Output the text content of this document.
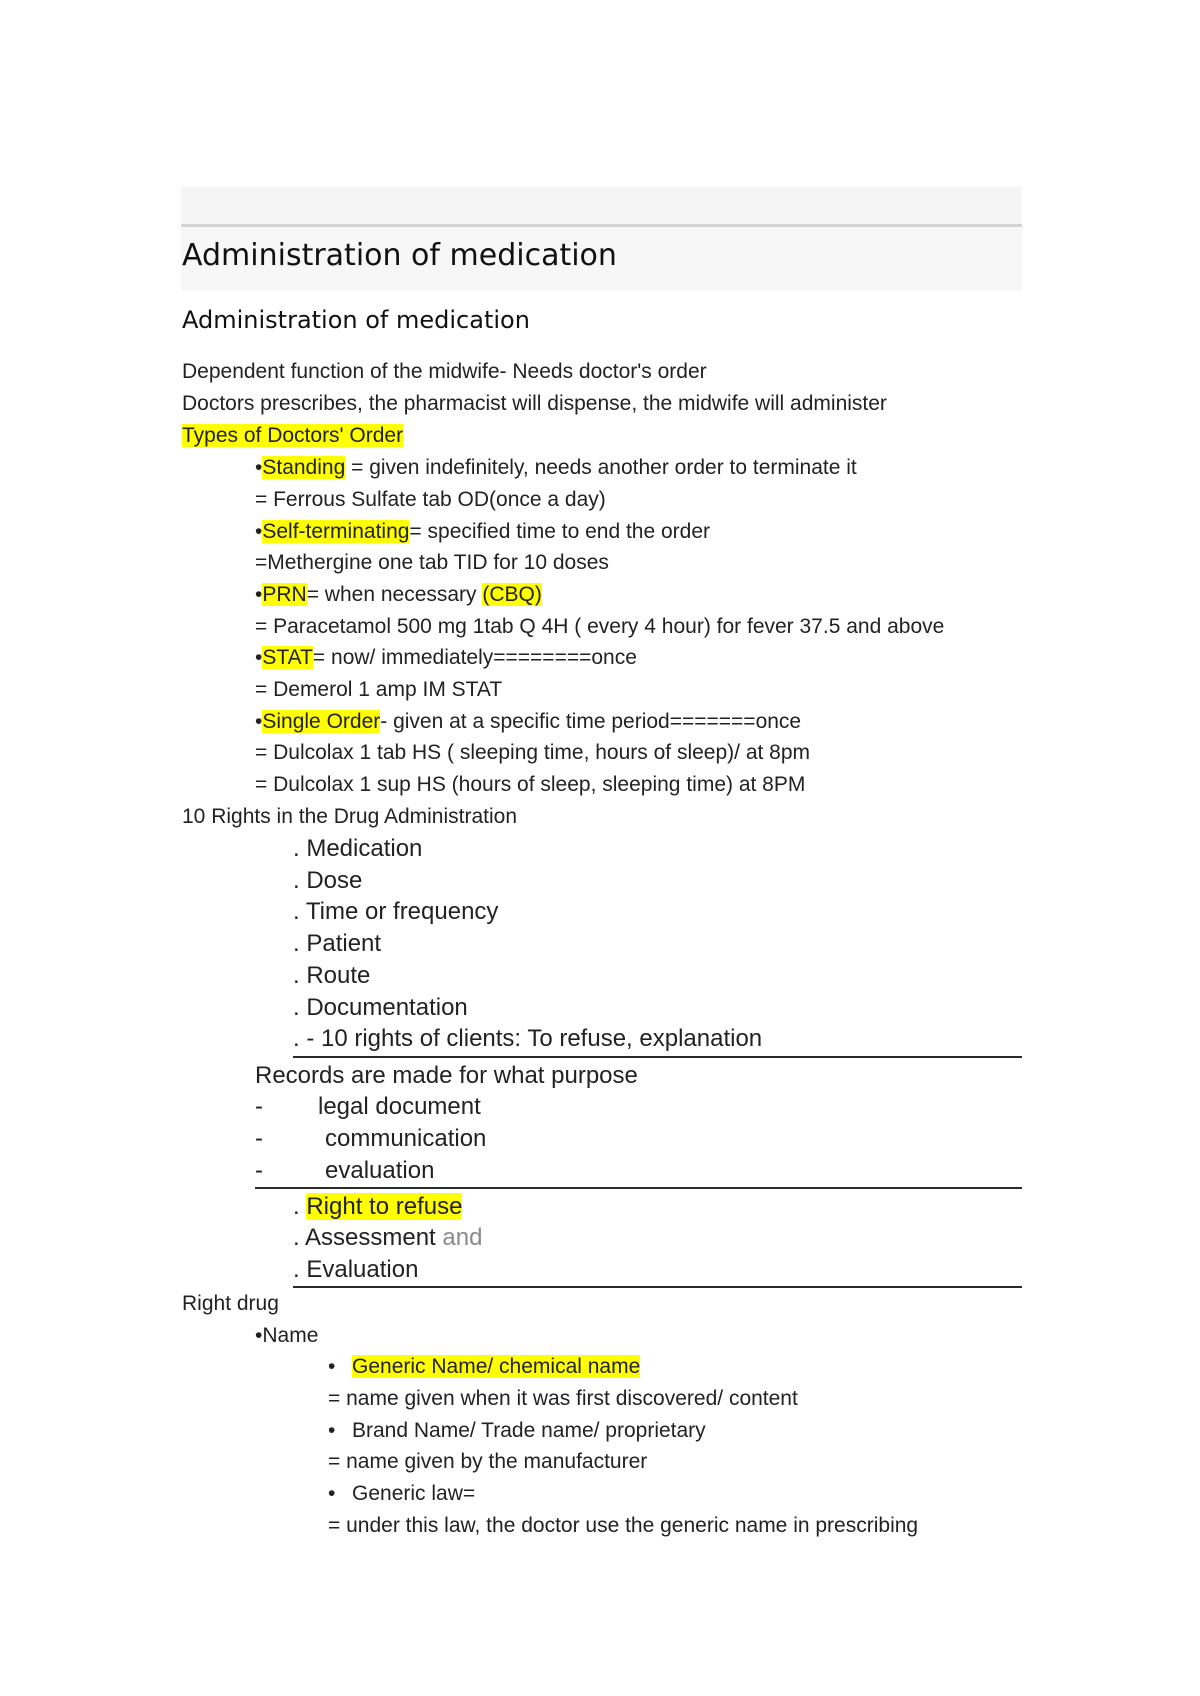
Administration of medication
Administration of medication
Dependent function of the midwife- Needs doctor's order
Doctors prescribes, the pharmacist will dispense, the midwife will administer
Types of Doctors' Order
•Standing = given indefinitely, needs another order to terminate it
= Ferrous Sulfate tab OD(once a day)
•Self-terminating= specified time to end the order
=Methergine one tab TID for 10 doses
•PRN= when necessary (CBQ)
= Paracetamol 500 mg 1tab Q 4H ( every 4 hour) for fever 37.5 and above
•STAT= now/ immediately========once
= Demerol 1 amp IM STAT
•Single Order- given at a specific time period=======once
= Dulcolax 1 tab HS ( sleeping time, hours of sleep)/ at 8pm
= Dulcolax 1 sup HS (hours of sleep, sleeping time) at 8PM
10 Rights in the Drug Administration
. Medication
. Dose
. Time or frequency
. Patient
. Route
. Documentation
. - 10 rights of clients: To refuse, explanation
Records are made for what purpose
- legal document
-	communication
-	evaluation
. Right to refuse
. Assessment and
. Evaluation
Right drug
•Name
• Generic Name/ chemical name
= name given when it was first discovered/ content
• Brand Name/ Trade name/ proprietary
= name given by the manufacturer
• Generic law=
= under this law, the doctor use the generic name in prescribing
